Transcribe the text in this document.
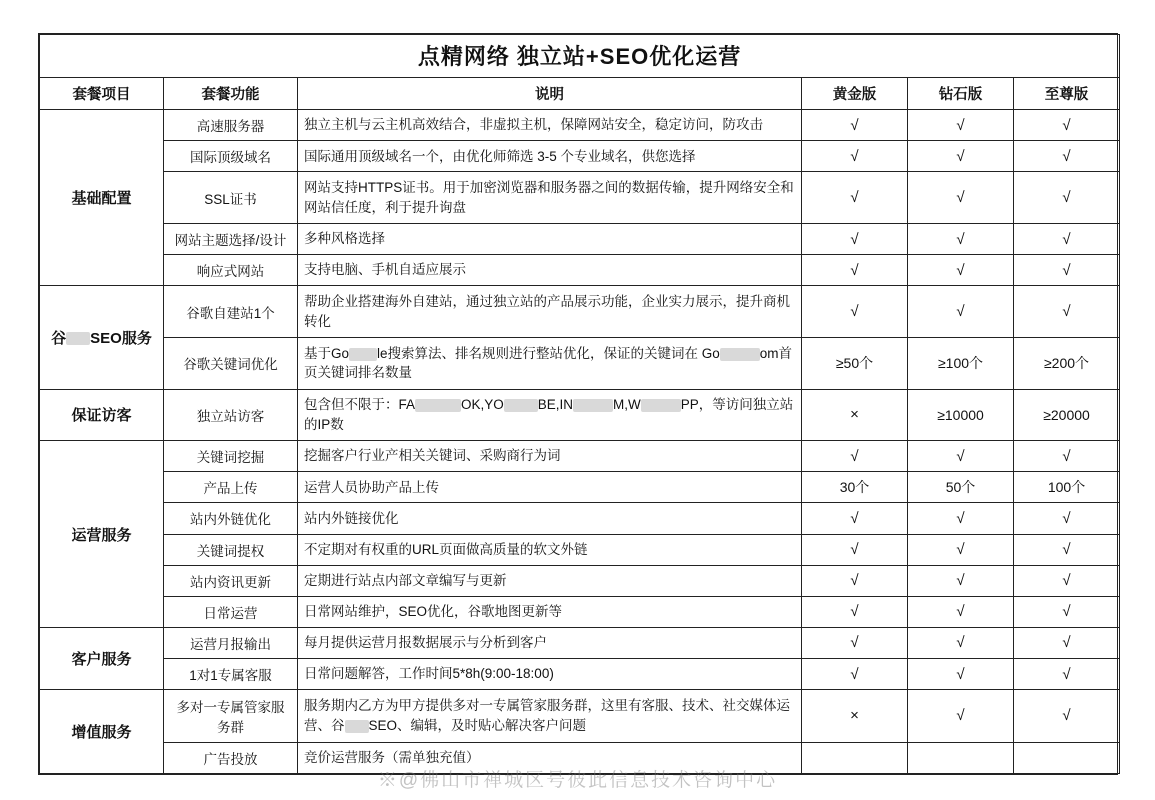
点精网络 独立站+SEO优化运营					
套餐项目	套餐功能	说明	黄金版	钻石版	至尊版
基础配置	高速服务器	独立主机与云主机高效结合，非虚拟主机，保障网站安全，稳定访问，防攻击	√	√	√
	国际顶级域名	国际通用顶级域名一个，由优化师筛选 3-5 个专业域名，供您选择	√	√	√
	SSL证书	网站支持HTTPS证书。用于加密浏览器和服务器之间的数据传输，提升网络安全和网站信任度，利于提升询盘	√	√	√
	网站主题选择/设计	多种风格选择	√	√	√
	响应式网站	支持电脑、手机自适应展示	√	√	√
谷 SEO服务	谷歌自建站1个	帮助企业搭建海外自建站，通过独立站的产品展示功能，企业实力展示，提升商机转化	√	√	√
	谷歌关键词优化	基于Go le搜索算法、排名规则进行整站优化，保证的关键词在 Go om首页关键词排名数量	≥50个	≥100个	≥200个
保证访客	独立站访客	包含但不限于：FA OK,YO BE,IN M,W PP，等访问独立站的IP数	×	≥10000	≥20000
运营服务	关键词挖掘	挖掘客户行业产相关关键词、采购商行为词	√	√	√
	产品上传	运营人员协助产品上传	30个	50个	100个
	站内外链优化	站内外链接优化	√	√	√
	关键词提权	不定期对有权重的URL页面做高质量的软文外链	√	√	√
	站内资讯更新	定期进行站点内部文章编写与更新	√	√	√
	日常运营	日常网站维护，SEO优化，谷歌地图更新等	√	√	√
客户服务	运营月报输出	每月提供运营月报数据展示与分析到客户	√	√	√
	1对1专属客服	日常问题解答，工作时间5*8h(9:00-18:00)	√	√	√
增值服务	多对一专属管家服务群	服务期内乙方为甲方提供多对一专属管家服务群，这里有客服、技术、社交媒体运营、谷 SEO、编辑，及时贴心解决客户问题	×	√	√
	广告投放	竞价运营服务（需单独充值）			
※@佛山市禅城区号彼此信息技术咨询中心
